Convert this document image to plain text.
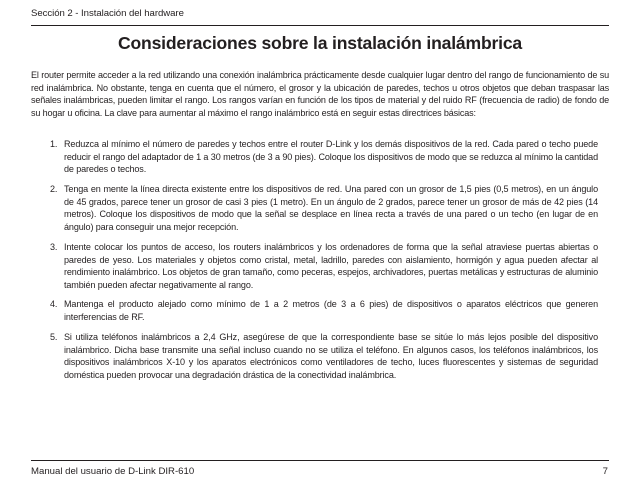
Sección 2 - Instalación del hardware
Consideraciones sobre la instalación inalámbrica
El router permite acceder a la red utilizando una conexión inalámbrica prácticamente desde cualquier lugar dentro del rango de funcionamiento de su red inalámbrica. No obstante, tenga en cuenta que el número, el grosor y la ubicación de paredes, techos u otros objetos que deban traspasar las señales inalámbricas, pueden limitar el rango. Los rangos varían en función de los tipos de material y del ruido RF (frecuencia de radio) de fondo de su hogar u oficina. La clave para aumentar al máximo el rango inalámbrico está en seguir estas directrices básicas:
1. Reduzca al mínimo el número de paredes y techos entre el router D-Link y los demás dispositivos de la red. Cada pared o techo puede reducir el rango del adaptador de 1 a 30 metros (de 3 a 90 pies). Coloque los dispositivos de modo que se reduzca al mínimo la cantidad de paredes o techos.
2. Tenga en mente la línea directa existente entre los dispositivos de red. Una pared con un grosor de 1,5 pies (0,5 metros), en un ángulo de 45 grados, parece tener un grosor de casi 3 pies (1 metro). En un ángulo de 2 grados, parece tener un grosor de más de 42 pies (14 metros). Coloque los dispositivos de modo que la señal se desplace en línea recta a través de una pared o un techo (en lugar de en ángulo) para conseguir una mejor recepción.
3. Intente colocar los puntos de acceso, los routers inalámbricos y los ordenadores de forma que la señal atraviese puertas abiertas o paredes de yeso. Los materiales y objetos como cristal, metal, ladrillo, paredes con aislamiento, hormigón y agua pueden afectar al rendimiento inalámbrico. Los objetos de gran tamaño, como peceras, espejos, archivadores, puertas metálicas y estructuras de aluminio también pueden afectar negativamente al rango.
4. Mantenga el producto alejado como mínimo de 1 a 2 metros (de 3 a 6 pies) de dispositivos o aparatos eléctricos que generen interferencias de RF.
5. Si utiliza teléfonos inalámbricos a 2,4 GHz, asegúrese de que la correspondiente base se sitúe lo más lejos posible del dispositivo inalámbrico. Dicha base transmite una señal incluso cuando no se utiliza el teléfono. En algunos casos, los teléfonos inalámbricos, los dispositivos inalámbricos X-10 y los aparatos electrónicos como ventiladores de techo, luces fluorescentes y sistemas de seguridad doméstica pueden provocar una degradación drástica de la conectividad inalámbrica.
Manual del usuario de D-Link DIR-610	7
